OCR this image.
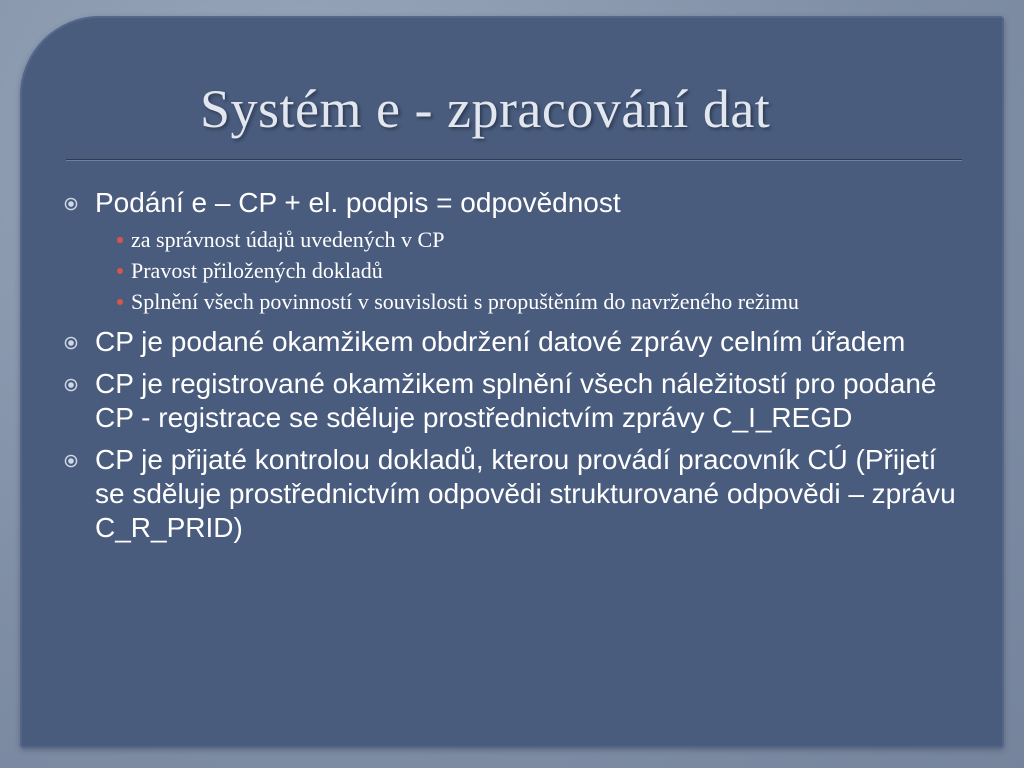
Systém e - zpracování dat
Podání e – CP + el. podpis = odpovědnost
za správnost údajů uvedených v CP
Pravost přiložených dokladů
Splnění všech povinností v souvislosti s propuštěním do navrženého režimu
CP je podané okamžikem obdržení datové zprávy celním úřadem
CP je registrované okamžikem splnění všech náležitostí pro podané CP - registrace se sděluje prostřednictvím zprávy C_I_REGD
CP je přijaté kontrolou dokladů, kterou provádí pracovník CÚ (Přijetí se sděluje prostřednictvím odpovědi strukturované odpovědi – zprávu C_R_PRID)
